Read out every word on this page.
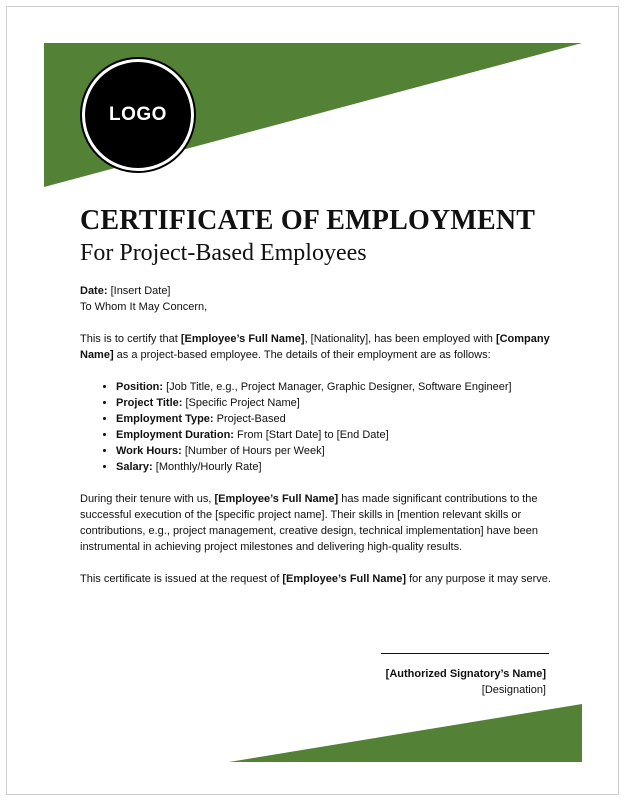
LOGO
CERTIFICATE OF EMPLOYMENT
For Project-Based Employees

Date: [Insert Date]

To Whom It May Concern,

This is to certify that [Employee’s Full Name], [Nationality], has been employed with [Company Name] as a project-based employee. The details of their employment are as follows:

• Position: [Job Title, e.g., Project Manager, Graphic Designer, Software Engineer]
• Project Title: [Specific Project Name]
• Employment Type: Project-Based
• Employment Duration: From [Start Date] to [End Date]
• Work Hours: [Number of Hours per Week]
• Salary: [Monthly/Hourly Rate]

During their tenure with us, [Employee’s Full Name] has made significant contributions to the successful execution of the [specific project name]. Their skills in [mention relevant skills or contributions, e.g., project management, creative design, technical implementation] have been instrumental in achieving project milestones and delivering high-quality results.

This certificate is issued at the request of [Employee’s Full Name] for any purpose it may serve.

[Authorized Signatory’s Name]
[Designation]
